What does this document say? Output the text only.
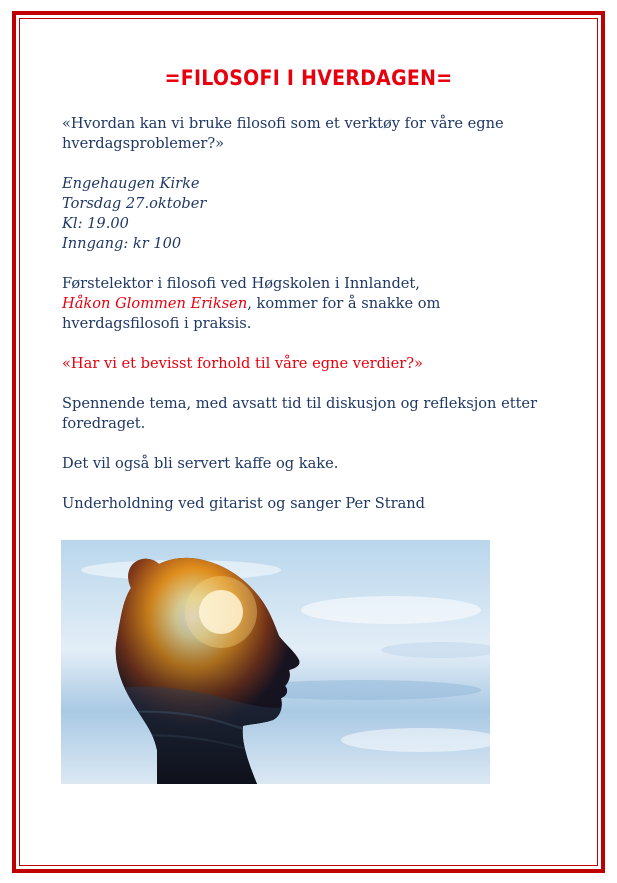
=FILOSOFI I HVERDAGEN=

«Hvordan kan vi bruke filosofi som et verktøy for våre egne hverdagsproblemer?»

Engehaugen Kirke
Torsdag 27.oktober
Kl: 19.00
Inngang: kr 100

Førstelektor i filosofi ved Høgskolen i Innlandet,
Håkon Glommen Eriksen, kommer for å snakke om hverdagsfilosofi i praksis.

«Har vi et bevisst forhold til våre egne verdier?»

Spennende tema, med avsatt tid til diskusjon og refleksjon etter foredraget.

Det vil også bli servert kaffe og kake.

Underholdning ved gitarist og sanger Per Strand
